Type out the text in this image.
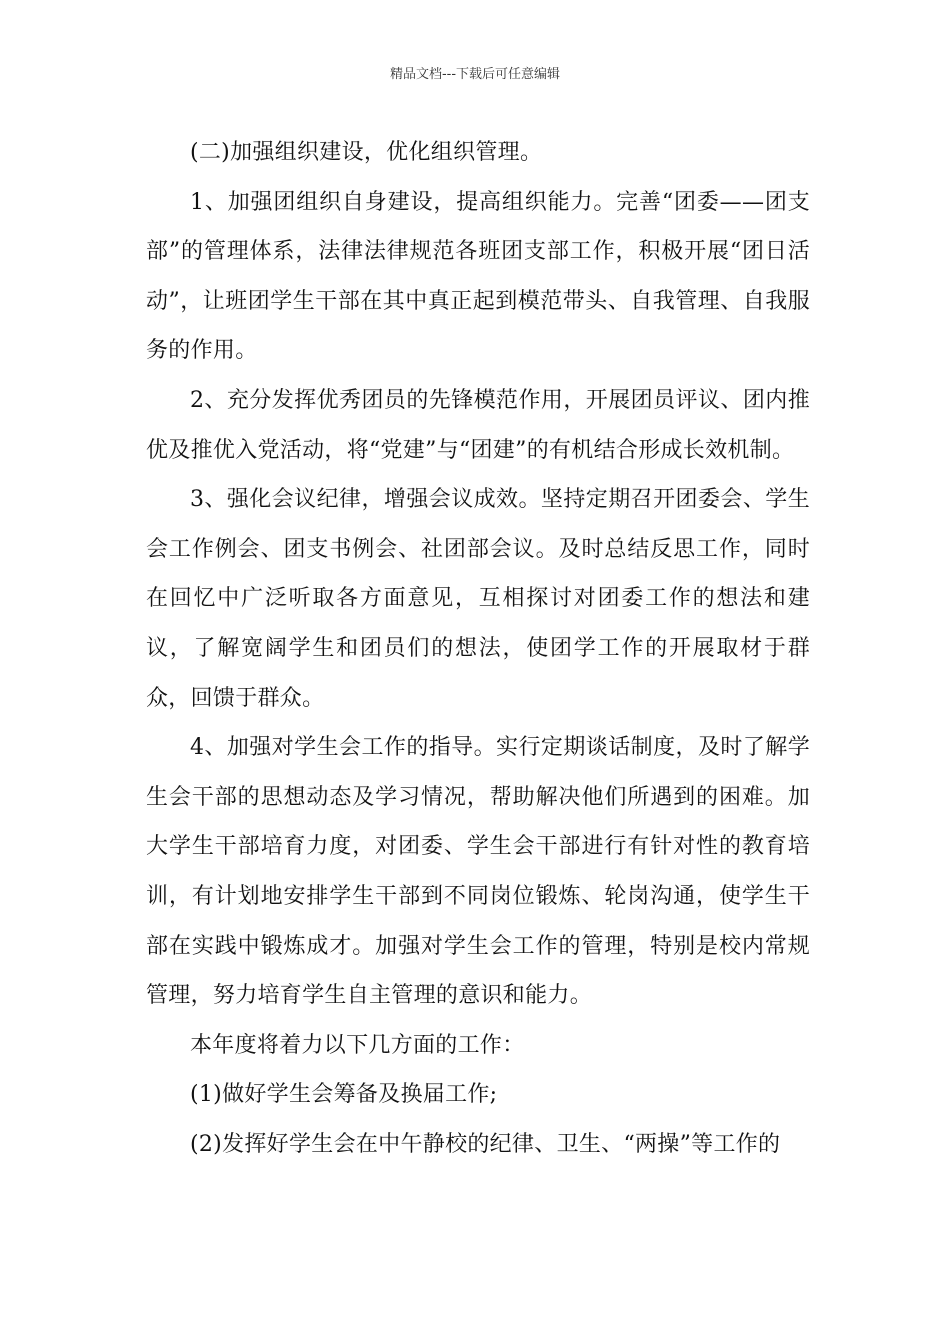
精品文档---下载后可任意编辑

(二)加强组织建设，优化组织管理。

1、加强团组织自身建设，提高组织能力。完善“团委——团支部”的管理体系，法律法律规范各班团支部工作，积极开展“团日活动”，让班团学生干部在其中真正起到模范带头、自我管理、自我服务的作用。

2、充分发挥优秀团员的先锋模范作用，开展团员评议、团内推优及推优入党活动，将“党建”与“团建”的有机结合形成长效机制。

3、强化会议纪律，增强会议成效。坚持定期召开团委会、学生会工作例会、团支书例会、社团部会议。及时总结反思工作，同时在回忆中广泛听取各方面意见，互相探讨对团委工作的想法和建议，了解宽阔学生和团员们的想法，使团学工作的开展取材于群众，回馈于群众。

4、加强对学生会工作的指导。实行定期谈话制度，及时了解学生会干部的思想动态及学习情况，帮助解决他们所遇到的困难。加大学生干部培育力度，对团委、学生会干部进行有针对性的教育培训，有计划地安排学生干部到不同岗位锻炼、轮岗沟通，使学生干部在实践中锻炼成才。加强对学生会工作的管理，特别是校内常规管理，努力培育学生自主管理的意识和能力。

本年度将着力以下几方面的工作：

(1)做好学生会筹备及换届工作;

(2)发挥好学生会在中午静校的纪律、卫生、“两操”等工作的
